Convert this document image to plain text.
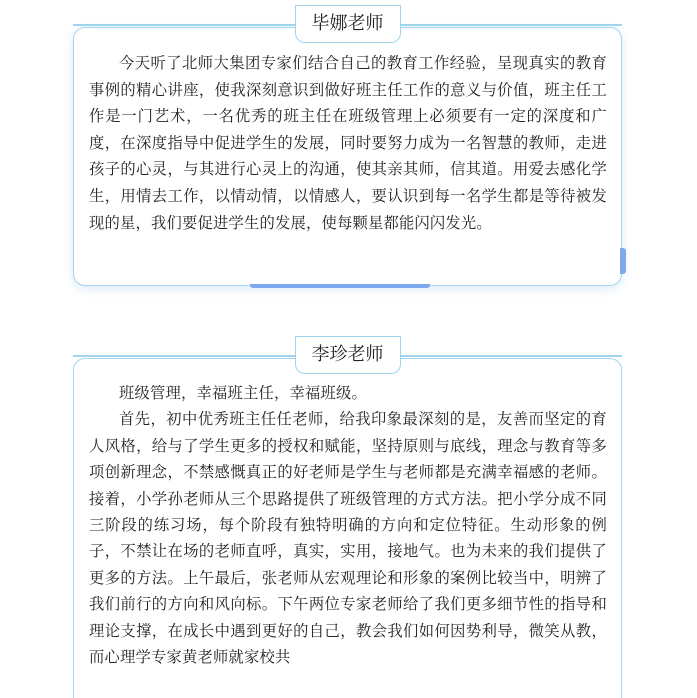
毕娜老师
今天听了北师大集团专家们结合自己的教育工作经验，呈现真实的教育事例的精心讲座，使我深刻意识到做好班主任工作的意义与价值，班主任工作是一门艺术，一名优秀的班主任在班级管理上必须要有一定的深度和广度，在深度指导中促进学生的发展，同时要努力成为一名智慧的教师，走进孩子的心灵，与其进行心灵上的沟通，使其亲其师，信其道。用爱去感化学生，用情去工作，以情动情，以情感人，要认识到每一名学生都是等待被发现的星，我们要促进学生的发展，使每颗星都能闪闪发光。
李珍老师

班级管理，幸福班主任，幸福班级。

首先，初中优秀班主任任老师，给我印象最深刻的是，友善而坚定的育人风格，给与了学生更多的授权和赋能，坚持原则与底线，理念与教育等多项创新理念，不禁感慨真正的好老师是学生与老师都是充满幸福感的老师。接着，小学孙老师从三个思路提供了班级管理的方式方法。把小学分成不同三阶段的练习场，每个阶段有独特明确的方向和定位特征。生动形象的例子，不禁让在场的老师直呼，真实，实用，接地气。也为未来的我们提供了更多的方法。上午最后，张老师从宏观理论和形象的案例比较当中，明辨了我们前行的方向和风向标。下午两位专家老师给了我们更多细节性的指导和理论支撑，在成长中遇到更好的自己，教会我们如何因势利导，微笑从教，而心理学专家黄老师就家校共
